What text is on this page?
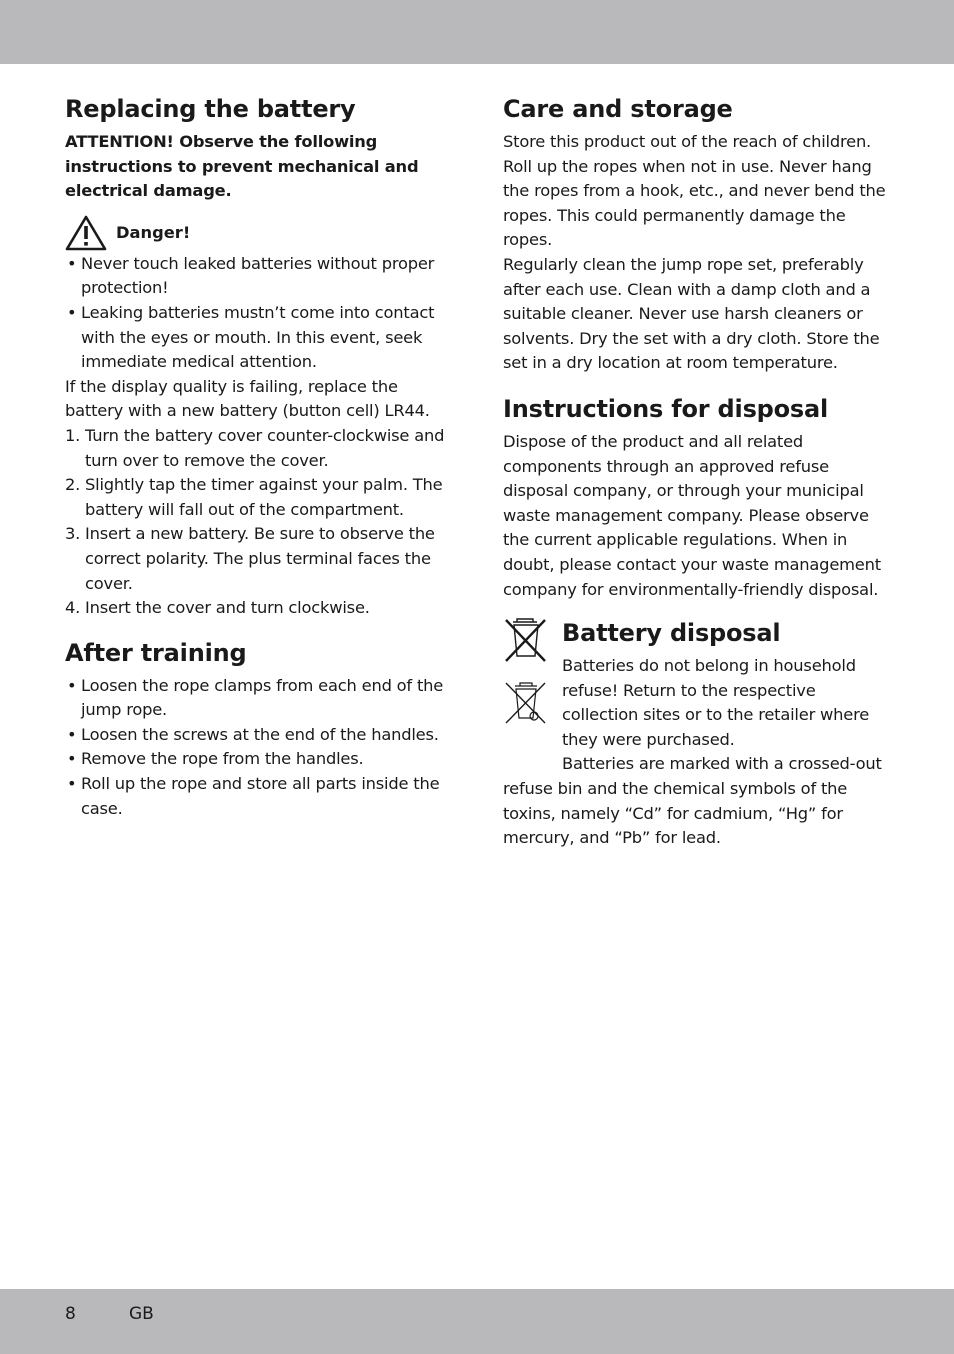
Replacing the battery

ATTENTION! Observe the following instructions to prevent mechanical and electrical damage.

Danger!
• Never touch leaked batteries without proper protection!
• Leaking batteries mustn’t come into contact with the eyes or mouth. In this event, seek immediate medical attention.

If the display quality is failing, replace the battery with a new battery (button cell) LR44.

1. Turn the battery cover counter-clockwise and turn over to remove the cover.
2. Slightly tap the timer against your palm. The battery will fall out of the compartment.
3. Insert a new battery. Be sure to observe the correct polarity. The plus terminal faces the cover.
4. Insert the cover and turn clockwise.
After training
• Loosen the rope clamps from each end of the jump rope.
• Loosen the screws at the end of the handles.
• Remove the rope from the handles.
• Roll up the rope and store all parts inside the case.
Care and storage

Store this product out of the reach of children. Roll up the ropes when not in use. Never hang the ropes from a hook, etc., and never bend the ropes. This could permanently damage the ropes.

Regularly clean the jump rope set, preferably after each use. Clean with a damp cloth and a suitable cleaner. Never use harsh cleaners or solvents. Dry the set with a dry cloth. Store the set in a dry location at room temperature.

Instructions for disposal

Dispose of the product and all related components through an approved refuse disposal company, or through your municipal waste management company. Please observe the current applicable regulations. When in doubt, please contact your waste management company for environmentally-friendly disposal.

Battery disposal

Batteries do not belong in household refuse! Return to the respective collection sites or to the retailer where they were purchased.

Batteries are marked with a crossed-out refuse bin and the chemical symbols of the toxins, namely “Cd” for cadmium, “Hg” for mercury, and “Pb” for lead.

8	GB
